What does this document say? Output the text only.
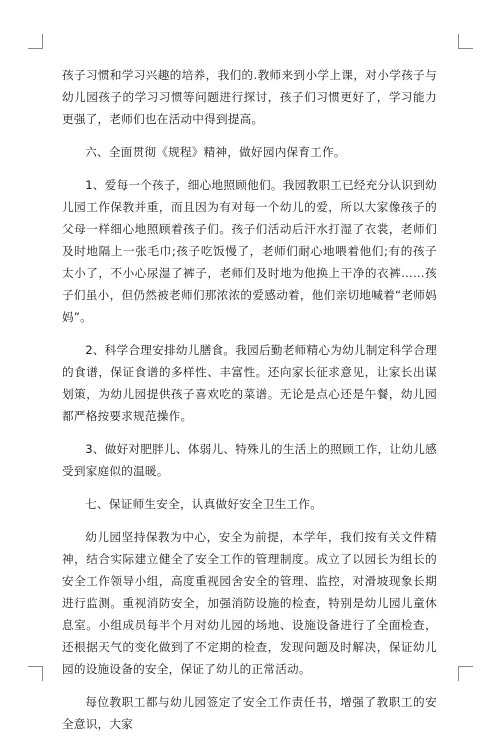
孩子习惯和学习兴趣的培养，我们的.教师来到小学上课，对小学孩子与幼儿园孩子的学习习惯等问题进行探讨，孩子们习惯更好了，学习能力更强了，老师们也在活动中得到提高。

六、全面贯彻《规程》精神，做好园内保育工作。

1、爱每一个孩子，细心地照顾他们。我园教职工已经充分认识到幼儿园工作保教并重，而且因为有对每一个幼儿的爱，所以大家像孩子的父母一样细心地照顾着孩子们。孩子们活动后汗水打湿了衣裳，老师们及时地隔上一张毛巾;孩子吃饭慢了，老师们耐心地喂着他们;有的孩子太小了，不小心尿湿了裤子，老师们及时地为他换上干净的衣裤……孩子们虽小，但仍然被老师们那浓浓的爱感动着，他们亲切地喊着“老师妈妈”。

2、科学合理安排幼儿膳食。我园后勤老师精心为幼儿制定科学合理的食谱，保证食谱的多样性、丰富性。还向家长征求意见，让家长出谋划策，为幼儿园提供孩子喜欢吃的菜谱。无论是点心还是午餐，幼儿园都严格按要求规范操作。

3、做好对肥胖儿、体弱儿、特殊儿的生活上的照顾工作，让幼儿感受到家庭似的温暖。

七、保证师生安全，认真做好安全卫生工作。

幼儿园坚持保教为中心，安全为前提，本学年，我们按有关文件精神，结合实际建立健全了安全工作的管理制度。成立了以园长为组长的安全工作领导小组，高度重视园舍安全的管理、监控，对滑坡现象长期进行监测。重视消防安全，加强消防设施的检查，特别是幼儿园儿童休息室。小组成员每半个月对幼儿园的场地、设施设备进行了全面检查，还根据天气的变化做到了不定期的检查，发现问题及时解决，保证幼儿园的设施设备的安全，保证了幼儿的正常活动。

每位教职工都与幼儿园签定了安全工作责任书，增强了教职工的安全意识，大家
